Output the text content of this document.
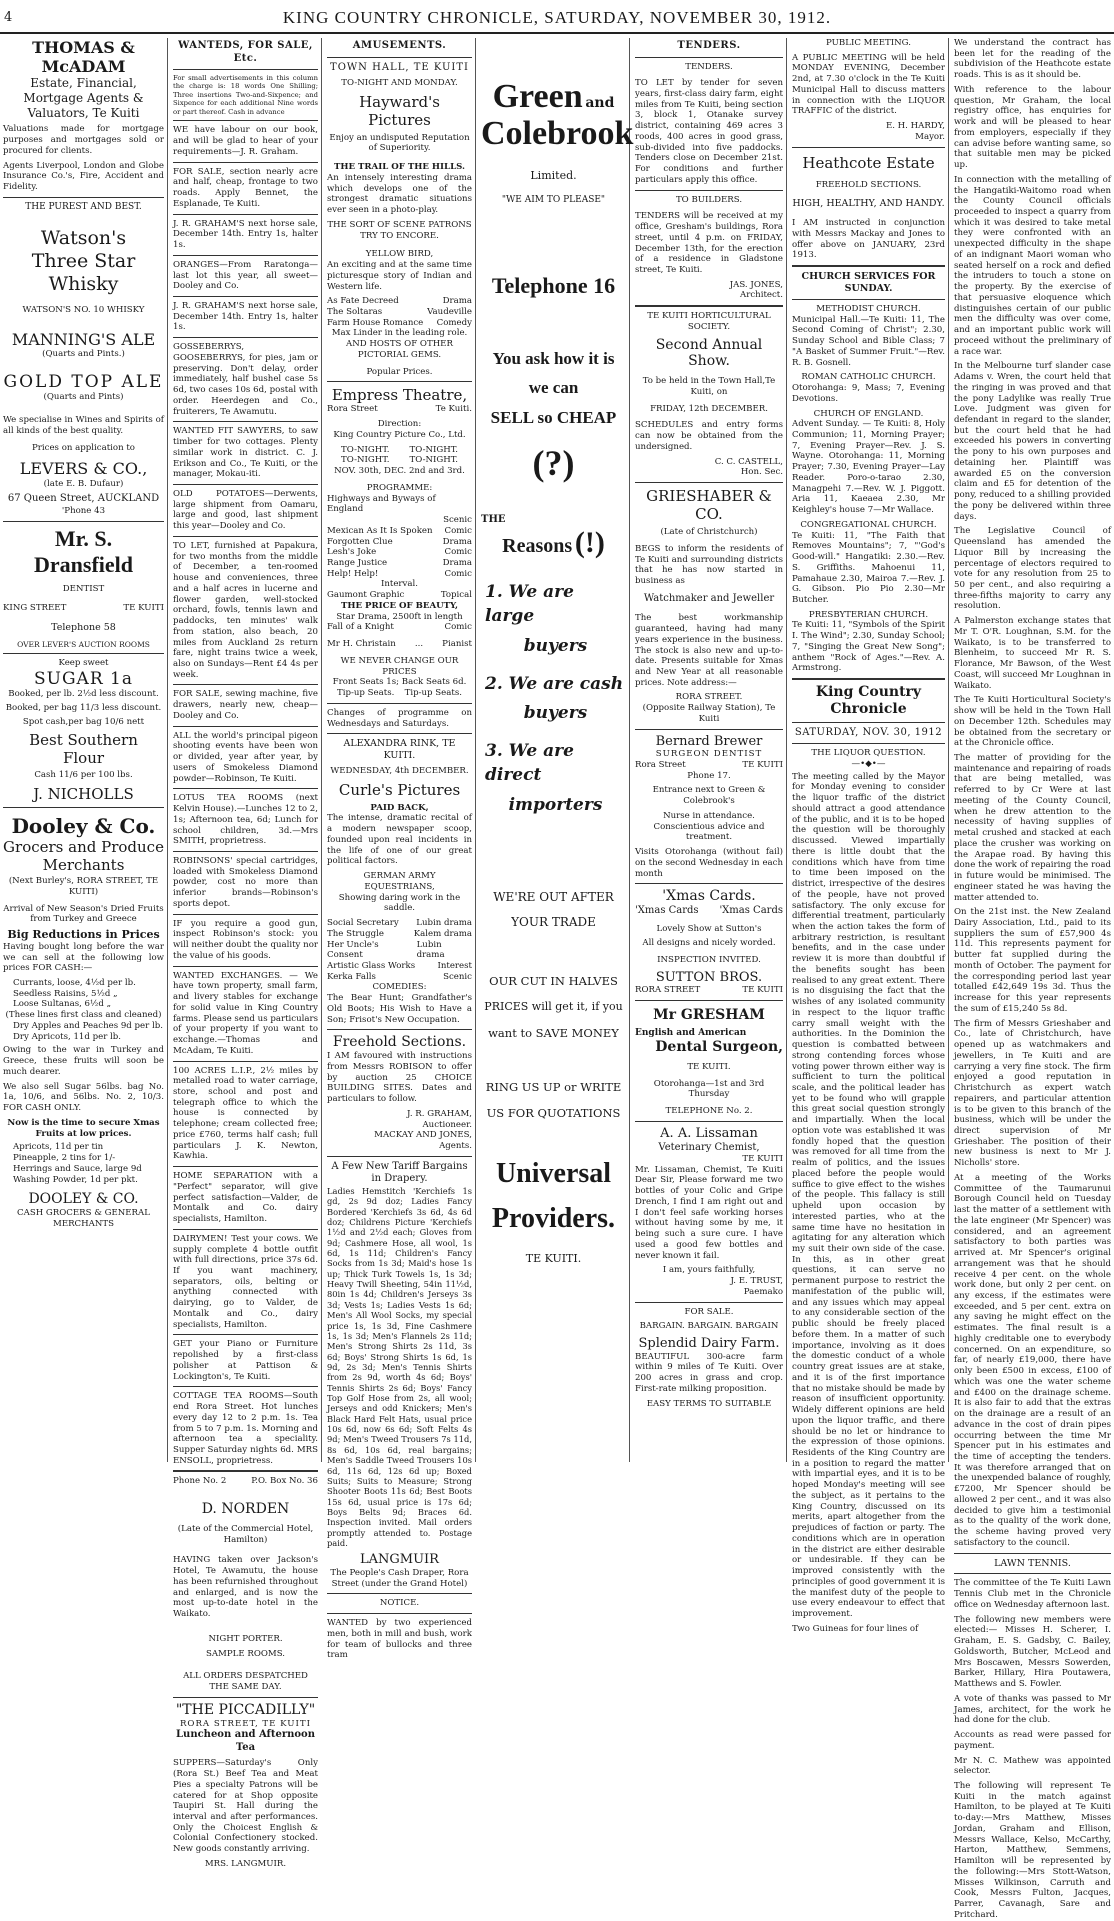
4	KING COUNTRY CHRONICLE, SATURDAY, NOVEMBER 30, 1912.
THOMAS & McADAM
Estate, Financial,
Mortgage Agents &
Valuators, Te Kuiti
Valuations made for mortgage purposes and mortgages sold or procured for clients.
Agents Liverpool, London and Globe Insurance Co.'s, Fire, Accident and Fidelity.
THE PUREST AND BEST.
Watson's
Three Star Whisky
WATSON'S NO. 10 WHISKY
MANNING'S ALE
(Quarts and Pints.)
GOLD TOP ALE
(Quarts and Pints)
We specialise in Wines and Spirits of all kinds of the best quality.
Prices on application to
LEVERS & CO.,
(late E. B. Dufaur)
67 Queen Street, AUCKLAND
'Phone 43
Mr. S. Dransfield
DENTIST
KING STREET	TE KUITI
Telephone 58
OVER LEVER'S AUCTION ROOMS
Keep sweet
SUGAR 1a
Booked, per lb. 2½d less discount.
Booked, per bag 11/3 less discount.
Spot cash,per bag 10/6 nett
Best Southern
Flour
Cash 11/6 per 100 lbs.
J. NICHOLLS
Dooley & Co.
Grocers and Produce
Merchants
(Next Burley's, RORA STREET, TE KUITI)
Arrival of New Season's Dried Fruits from Turkey and Greece
Big Reductions in Prices
Having bought long before the war we can sell at the following low prices FOR CASH:—
Currants, loose, 4½d per lb.
Seedless Raisins, 5½d „
Loose Sultanas, 6½d „
(These lines first class and cleaned)
Dry Apples and Peaches 9d per lb.
Dry Apricots, 11d per lb.
Owing to the war in Turkey and Greece, these fruits will soon be much dearer.
We also sell Sugar 56lbs. bag No. 1a, 10/6, and 56lbs. No. 2, 10/3. FOR CASH ONLY.
Now is the time to secure Xmas Fruits at low prices.
Apricots, 11d per tin
Pineapple, 2 tins for 1/-
Herrings and Sauce, large 9d
Washing Powder, 1d per pkt.
DOOLEY & CO.
CASH GROCERS & GENERAL MERCHANTS
WANTEDS, FOR SALE, Etc.
For small advertisements in this column the charge is: 18 words One Shilling; Three insertions Two-and-Sixpence; and Sixpence for each additional Nine words or part thereof. Cash in advance
WE have labour on our book, and will be glad to hear of your requirements—J. R. Graham.
FOR SALE, section nearly acre and half, cheap, frontage to two roads. Apply Bennet, the Esplanade, Te Kuiti.
J. R. GRAHAM'S next horse sale, December 14th. Entry 1s, halter 1s.
ORANGES—From Raratonga—last lot this year, all sweet—Dooley and Co.
J. R. GRAHAM'S next horse sale, December 14th. Entry 1s, halter 1s.
GOSSEBERRYS, GOOSEBERRYS, for pies, jam or preserving. Don't delay, order immediately, half bushel case 5s 6d, two cases 10s 6d, postal with order. Heerdegen and Co., fruiterers, Te Awamutu.
WANTED FIT SAWYERS, to saw timber for two cottages. Plenty similar work in district. C. J. Erikson and Co., Te Kuiti, or the manager, Mokau-iti.
OLD POTATOES—Derwents, large shipment from Oamaru, large and good, last shipment this year—Dooley and Co.
TO LET, furnished at Papakura, for two months from the middle of December, a ten-roomed house and conveniences, three and a half acres in lucerne and flower garden, well-stocked orchard, fowls, tennis lawn and paddocks, ten minutes' walk from station, also beach, 20 miles from Auckland 2s return fare, night trains twice a week, also on Sundays—Rent £4 4s per week.
FOR SALE, sewing machine, five drawers, nearly new, cheap—Dooley and Co.
ALL the world's principal pigeon shooting events have been won or divided, year after year, by users of Smokeless Diamond powder—Robinson, Te Kuiti.
LOTUS TEA ROOMS (next Kelvin House).—Lunches 12 to 2, 1s; Afternoon tea, 6d; Lunch for school children, 3d.—Mrs SMITH, proprietress.
ROBINSONS' special cartridges, loaded with Smokeless Diamond powder, cost no more than inferior brands—Robinson's sports depot.
IF you require a good gun, inspect Robinson's stock: you will neither doubt the quality nor the value of his goods.
WANTED EXCHANGES. — We have town property, small farm, and livery stables for exchange for solid value in King Country farms. Please send us particulars of your property if you want to exchange.—Thomas and McAdam, Te Kuiti.
100 ACRES L.I.P., 2½ miles by metalled road to water carriage, store, school and post and telegraph office to which the house is connected by telephone; cream collected free; price £760, terms half cash; full particulars J. K. Newton, Kawhia.
HOME SEPARATION with a "Perfect" separator, will give perfect satisfaction—Valder, de Montalk and Co. dairy specialists, Hamilton.
DAIRYMEN! Test your cows. We supply complete 4 bottle outfit with full directions, price 37s 6d. If you want machinery, separators, oils, belting or anything connected with dairying, go to Valder, de Montalk and Co., dairy specialists, Hamilton.
GET your Piano or Furniture repolished by a first-class polisher at Pattison & Lockington's, Te Kuiti.
COTTAGE TEA ROOMS—South end Rora Street. Hot lunches every day 12 to 2 p.m. 1s. Tea from 5 to 7 p.m. 1s. Morning and afternoon tea a speciality. Supper Saturday nights 6d. MRS ENSOLL, proprietress.
Phone No. 2	P.O. Box No. 36
D. NORDEN
(Late of the Commercial Hotel, Hamilton)
HAVING taken over Jackson's Hotel, Te Awamutu, the house has been refurnished throughout and enlarged, and is now the most up-to-date hotel in the Waikato.
NIGHT PORTER.
SAMPLE ROOMS.
ALL ORDERS DESPATCHED THE SAME DAY.
"THE PICCADILLY"
RORA STREET, TE KUITI
Luncheon and Afternoon Tea
SUPPERS—Saturday's Only (Rora St.) Beef Tea and Meat Pies a specialty Patrons will be catered for at Shop opposite Taupiri St. Hall during the interval and after performances. Only the Choicest English & Colonial Confectionery stocked. New goods constantly arriving.
MRS. LANGMUIR.
AMUSEMENTS.
TOWN HALL, TE KUITI
TO-NIGHT AND MONDAY.
Hayward's Pictures
Enjoy an undisputed Reputation of Superiority.
THE TRAIL OF THE HILLS.
An intensely interesting drama which develops one of the strongest dramatic situations ever seen in a photo-play.
THE SORT OF SCENE PATRONS TRY TO ENCORE.
YELLOW BIRD,
An exciting and at the same time picturesque story of Indian and Western life.
As Fate Decreed	Drama
The Soltaras	Vaudeville
Farm House Romance Comedy
Max Linder in the leading role.
AND HOSTS OF OTHER PICTORIAL GEMS.
Popular Prices.
Empress Theatre,
Rora Street	Te Kuiti.
Direction:
King Country Picture Co., Ltd.
TO-NIGHT. TO-NIGHT.
TO-NIGHT. TO-NIGHT.
NOV. 30th, DEC. 2nd and 3rd.
PROGRAMME:
Highways and Byways of England
Scenic
Mexican As It Is Spoken Comic
Forgotten Clue	Drama
Lesh's Joke	Comic
Range Justice	Drama
Help! Help!	Comic
Interval.
Gaumont Graphic	Topical
THE PRICE OF BEAUTY,
Star Drama, 2500ft in length
Fall of a Knight	Comic
Mr H. Christain ... Pianist
WE NEVER CHANGE OUR PRICES
Front Seats 1s; Back Seats 6d.
Tip-up Seats. Tip-up Seats.
Changes of programme on Wednesdays and Saturdays.
ALEXANDRA RINK, TE KUITI.
WEDNESDAY, 4th DECEMBER.
Curle's Pictures
PAID BACK,
The intense, dramatic recital of a modern newspaper scoop, founded upon real incidents in the life of one of our great political factors.
GERMAN ARMY EQUESTRIANS,
Showing daring work in the saddle.
Social Secretary Lubin drama
The Struggle	Kalem drama
Her Uncle's Consent
Lubin drama
Artistic Glass Works	Interest
Kerka Falls	Scenic
COMEDIES:
The Bear Hunt; Grandfather's Old Boots; His Wish to Have a Son; Frisot's New Occupation.
Freehold Sections.
I AM favoured with instructions from Messrs ROBISON to offer by auction 25 CHOICE BUILDING SITES. Dates and particulars to follow.
J. R. GRAHAM,
Auctioneer.
MACKAY AND JONES,
Agents.
A Few New Tariff Bargains in Drapery.
Ladies Hemstitch 'Kerchiefs 1s gd, 2s 9d doz; Ladies Fancy Bordered 'Kerchiefs 3s 6d, 4s 6d doz; Childrens Picture 'Kerchiefs 1½d and 2½d each; Gloves from 9d; Cashmere Hose, all wool, 1s 6d, 1s 11d; Children's Fancy Socks from 1s 3d; Maid's hose 1s up; Thick Turk Towels 1s, 1s 3d; Heavy Twill Sheeting, 54in 11½d, 80in 1s 4d; Children's Jerseys 3s 3d; Vests 1s; Ladies Vests 1s 6d; Men's All Wool Socks, my special price 1s, 1s 3d, Fine Cashmere 1s, 1s 3d; Men's Flannels 2s 11d; Men's Strong Shirts 2s 11d, 3s 6d; Boys' Strong Shirts 1s 6d, 1s 9d, 2s 3d; Men's Tennis Shirts from 2s 9d, worth 4s 6d; Boys' Tennis Shirts 2s 6d; Boys' Fancy Top Golf Hose from 2s, all wool; Jerseys and odd Knickers; Men's Black Hard Felt Hats, usual price 10s 6d, now 6s 6d; Soft Felts 4s 9d; Men's Tweed Trousers 7s 11d, 8s 6d, 10s 6d, real bargains; Men's Saddle Tweed Trousers 10s 6d, 11s 6d, 12s 6d up; Boxed Suits; Suits to Measure; Strong Shooter Boots 11s 6d; Best Boots 15s 6d, usual price is 17s 6d; Boys Belts 9d; Braces 6d. Inspection invited. Mail orders promptly attended to. Postage paid.
LANGMUIR
The People's Cash Draper, Rora Street (under the Grand Hotel)
NOTICE.
WANTED by two experienced men, both in mill and bush, work for team of bullocks and three tram
Green and
Colebrook
Limited.
"WE AIM TO PLEASE"
Telephone 16
You ask how it is
we can
SELL so CHEAP
(?)
THE
Reasons (!)
1. We are large
buyers
2. We are cash
buyers
3. We are direct
importers
WE'RE OUT AFTER
YOUR TRADE
OUR CUT IN HALVES
PRICES will get it, if you
want to SAVE MONEY
RING US UP or WRITE
US FOR QUOTATIONS
Universal
Providers.
TE KUITI.
TENDERS.
TENDERS.
TO LET by tender for seven years, first-class dairy farm, eight miles from Te Kuiti, being section 3, block 1, Otanake survey district, containing 469 acres 3 roods, 400 acres in good grass, sub-divided into five paddocks. Tenders close on December 21st. For conditions and further particulars apply this office.
TO BUILDERS.
TENDERS will be received at my office, Gresham's buildings, Rora street, until 4 p.m. on FRIDAY, December 13th, for the erection of a residence in Gladstone street, Te Kuiti.
JAS. JONES,
Architect.
TE KUITI HORTICULTURAL SOCIETY.
Second Annual Show.
To be held in the Town Hall,Te Kuiti, on
FRIDAY, 12th DECEMBER.
SCHEDULES and entry forms can now be obtained from the undersigned.
C. C. CASTELL,
Hon. Sec.
GRIESHABER & CO.
(Late of Christchurch)
BEGS to inform the residents of Te Kuiti and surrounding districts that he has now started in business as
Watchmaker and Jeweller
The best workmanship guaranteed, having had many years experience in the business. The stock is also new and up-to-date. Presents suitable for Xmas and New Year at all reasonable prices. Note address:—
RORA STREET.
(Opposite Railway Station), Te Kuiti
Bernard Brewer
SURGEON DENTIST
Rora Street	TE KUITI
Phone 17.
Entrance next to Green & Colebrook's
Nurse in attendance.
Conscientious advice and treatment.
Visits Otorohanga (without fail) on the second Wednesday in each month
'Xmas Cards.
'Xmas Cards 'Xmas Cards
Lovely Show at Sutton's
All designs and nicely worded.
INSPECTION INVITED.
SUTTON BROS.
RORA STREET	TE KUITI
Mr GRESHAM
English and American
Dental Surgeon,
TE KUITI.
Otorohanga—1st and 3rd Thursday
TELEPHONE No. 2.
A. A. Lissaman
Veterinary Chemist,
TE KUITI
Mr. Lissaman, Chemist, Te Kuiti Dear Sir, Please forward me two bottles of your Colic and Gripe Drench, I find I am right out and I don't feel safe working horses without having some by me, it being such a sure cure. I have used a good few bottles and never known it fail.
I am, yours faithfully,
J. E. TRUST,
Paemako
FOR SALE.
BARGAIN. BARGAIN. BARGAIN
Splendid Dairy Farm.
BEAUTIFUL 300-acre farm within 9 miles of Te Kuiti. Over 200 acres in grass and crop. First-rate milking proposition.
EASY TERMS TO SUITABLE
PUBLIC MEETING.
A PUBLIC MEETING will be held MONDAY EVENING, December 2nd, at 7.30 o'clock in the Te Kuiti Municipal Hall to discuss matters in connection with the LIQUOR TRAFFIC of the district.
E. H. HARDY,
Mayor.
Heathcote Estate
FREEHOLD SECTIONS.
HIGH, HEALTHY, AND HANDY.
I AM instructed in conjunction with Messrs Mackay and Jones to offer above on JANUARY, 23rd 1913.
CHURCH SERVICES FOR SUNDAY.
METHODIST CHURCH.
Municipal Hall.—Te Kuiti: 11, The Second Coming of Christ"; 2.30, Sunday School and Bible Class; 7 "A Basket of Summer Fruit."—Rev. R. B. Gosnell.
ROMAN CATHOLIC CHURCH.
Otorohanga: 9, Mass; 7, Evening Devotions.
CHURCH OF ENGLAND.
Advent Sunday. — Te Kuiti: 8, Holy Communion; 11, Morning Prayer; 7, Evening Prayer—Rev. J. S. Wayne. Otorohanga: 11, Morning Prayer; 7.30, Evening Prayer—Lay Reader. Poro-o-tarao 2.30, Managpehi 7.—Rev. W. J. Piggott. Aria 11, Kaeaea 2.30, Mr Keighley's house 7—Mr Wallace.
CONGREGATIONAL CHURCH.
Te Kuiti: 11, "The Faith that Removes Mountains"; 7, "'God's Good-will." Hangatiki: 2.30.—Rev. S. Griffiths. Mahoenui 11, Pamahaue 2.30, Mairoa 7.—Rev. J. G. Gibson. Pio Pio 2.30—Mr Butcher.
PRESBYTERIAN CHURCH.
Te Kuiti: 11, "Symbols of the Spirit I. The Wind"; 2.30, Sunday School; 7, "Singing the Great New Song"; anthem "Rock of Ages."—Rev. A. Armstrong.
King Country Chronicle
SATURDAY, NOV. 30, 1912
THE LIQUOR QUESTION.
—•◆•—
The meeting called by the Mayor for Monday evening to consider the liquor traffic of the district should attract a good attendance of the public, and it is to be hoped the question will be thoroughly discussed. Viewed impartially there is little doubt that the conditions which have from time to time been imposed on the district, irrespective of the desires of the people, have not proved satisfactory. The only excuse for differential treatment, particularly when the action takes the form of arbitrary restriction, is resultant benefits, and in the case under review it is more than doubtful if the benefits sought has been realised to any great extent. There is no disguising the fact that the wishes of any isolated community in respect to the liquor traffic carry small weight with the authorities. In the Dominion the question is combatted between strong contending forces whose voting power thrown either way is sufficient to turn the political scale, and the political leader has yet to be found who will grapple this great social question strongly and impartially. When the local option vote was established it was fondly hoped that the question was removed for all time from the realm of politics, and the issues placed before the people would suffice to give effect to the wishes of the people. This fallacy is still upheld upon occasion by interested parties, who at the same time have no hesitation in agitating for any alteration which my suit their own side of the case. In this, as in other great questions, it can serve no permanent purpose to restrict the manifestation of the public will, and any issues which may appeal to any considerable section of the public should be freely placed before them. In a matter of such importance, involving as it does the domestic conduct of a whole country great issues are at stake, and it is of the first importance that no mistake should be made by reason of insufficient opportunity. Widely different opinions are held upon the liquor traffic, and there should be no let or hindrance to the expression of those opinions. Residents of the King Country are in a position to regard the matter with impartial eyes, and it is to be hoped Monday's meeting will see the subject, as it pertains to the King Country, discussed on its merits, apart altogether from the prejudices of faction or party. The conditions which are in operation in the district are either desirable or undesirable. If they can be improved consistently with the principles of good government it is the manifest duty of the people to use every endeavour to effect that improvement.
Two Guineas for four lines of
We understand the contract has been let for the reading of the subdivision of the Heathcote estate roads. This is as it should be.
With reference to the labour question, Mr Graham, the local registry office, has enquiries for work and will be pleased to hear from employers, especially if they can advise before wanting same, so that suitable men may be picked up.
In connection with the metalling of the Hangatiki-Waitomo road when the County Council officials proceeded to inspect a quarry from which it was desired to take metal they were confronted with an unexpected difficulty in the shape of an indignant Maori woman who seated herself on a rock and defied the intruders to touch a stone on the property. By the exercise of that persuasive eloquence which distinguishes certain of our public men the difficulty was over come, and an important public work will proceed without the preliminary of a race war.
In the Melbourne turf slander case Adams v. Wren, the court held that the ringing in was proved and that the pony Ladylike was really True Love. Judgment was given for defendant in regard to the slander, but the court held that he had exceeded his powers in converting the pony to his own purposes and detaining her. Plaintiff was awarded £5 on the conversion claim and £5 for detention of the pony, reduced to a shilling provided the pony be delivered within three days.
The Legislative Council of Queensland has amended the Liquor Bill by increasing the percentage of electors required to vote for any resolution from 25 to 50 per cent., and also requiring a three-fifths majority to carry any resolution.
A Palmerston exchange states that Mr T. O'R. Loughnan, S.M. for the Waikato, is to be transferred to Blenheim, to succeed Mr R. S. Florance, Mr Bawson, of the West Coast, will succeed Mr Loughnan in Waikato.
The Te Kuiti Horticultural Society's show will be held in the Town Hall on December 12th. Schedules may be obtained from the secretary or at the Chronicle office.
The matter of providing for the maintenance and repairing of roads that are being metalled, was referred to by Cr Were at last meeting of the County Council, when he drew attention to the necessity of having supplies of metal crushed and stacked at each place the crusher was working on the Arapae road. By having this done the work of repairing the road in future would be minimised. The engineer stated he was having the matter attended to.
On the 21st inst. the New Zealand Dairy Association, Ltd., paid to its suppliers the sum of £57,900 4s 11d. This represents payment for butter fat supplied during the month of October. The payment for the corresponding period last year totalled £42,649 19s 3d. Thus the increase for this year represents the sum of £15,240 5s 8d.
The firm of Messrs Grieshaber and Co., late of Christchurch, have opened up as watchmakers and jewellers, in Te Kuiti and are carrying a very fine stock. The firm enjoyed a good reputation in Christchurch as expert watch repairers, and particular attention is to be given to this branch of the business, which will be under the direct supervision of Mr Grieshaber. The position of their new business is next to Mr J. Nicholls' store.
At a meeting of the Works Committee of the Taumarunui Borough Council held on Tuesday last the matter of a settlement with the late engineer (Mr Spencer) was considered, and an agreement satisfactory to both parties was arrived at. Mr Spencer's original arrangement was that he should receive 4 per cent. on the whole work done, but only 2 per cent. on any excess, if the estimates were exceeded, and 5 per cent. extra on any saving he might effect on the estimates. The final result is a highly creditable one to everybody concerned. On an expenditure, so far, of nearly £19,000, there have only been £500 in excess, £100 of which was one the water scheme and £400 on the drainage scheme. It is also fair to add that the extras on the drainage are a result of an advance in the cost of drain pipes occurring between the time Mr Spencer put in his estimates and the time of accepting the tenders. It was therefore arranged that on the unexpended balance of roughly, £7200, Mr Spencer should be allowed 2 per cent., and it was also decided to give him a testimonial as to the quality of the work done, the scheme having proved very satisfactory to the council.
LAWN TENNIS.
The committee of the Te Kuiti Lawn Tennis Club met in the Chronicle office on Wednesday afternoon last.
The following new members were elected:— Misses H. Scherer, I. Graham, E. S. Gadsby, C. Bailey, Goldsworth, Butcher, McLeod and Mrs Boscawen, Messrs Sowerden, Barker, Hillary, Hira Poutawera, Matthews and S. Fowler.
A vote of thanks was passed to Mr James, architect, for the work he had done for the club.
Accounts as read were passed for payment.
Mr N. C. Mathew was appointed selector.
The following will represent Te Kuiti in the match against Hamilton, to be played at Te Kuiti to-day:—Mrs Matthew, Misses Jordan, Graham and Ellison, Messrs Wallace, Kelso, McCarthy, Harton, Matthew, Semmens, Hamilton will be represented by the following:—Mrs Stott-Watson, Misses Wilkinson, Carruth and Cook, Messrs Fulton, Jacques, Parrer, Cavanagh, Sare and Pritchard.
